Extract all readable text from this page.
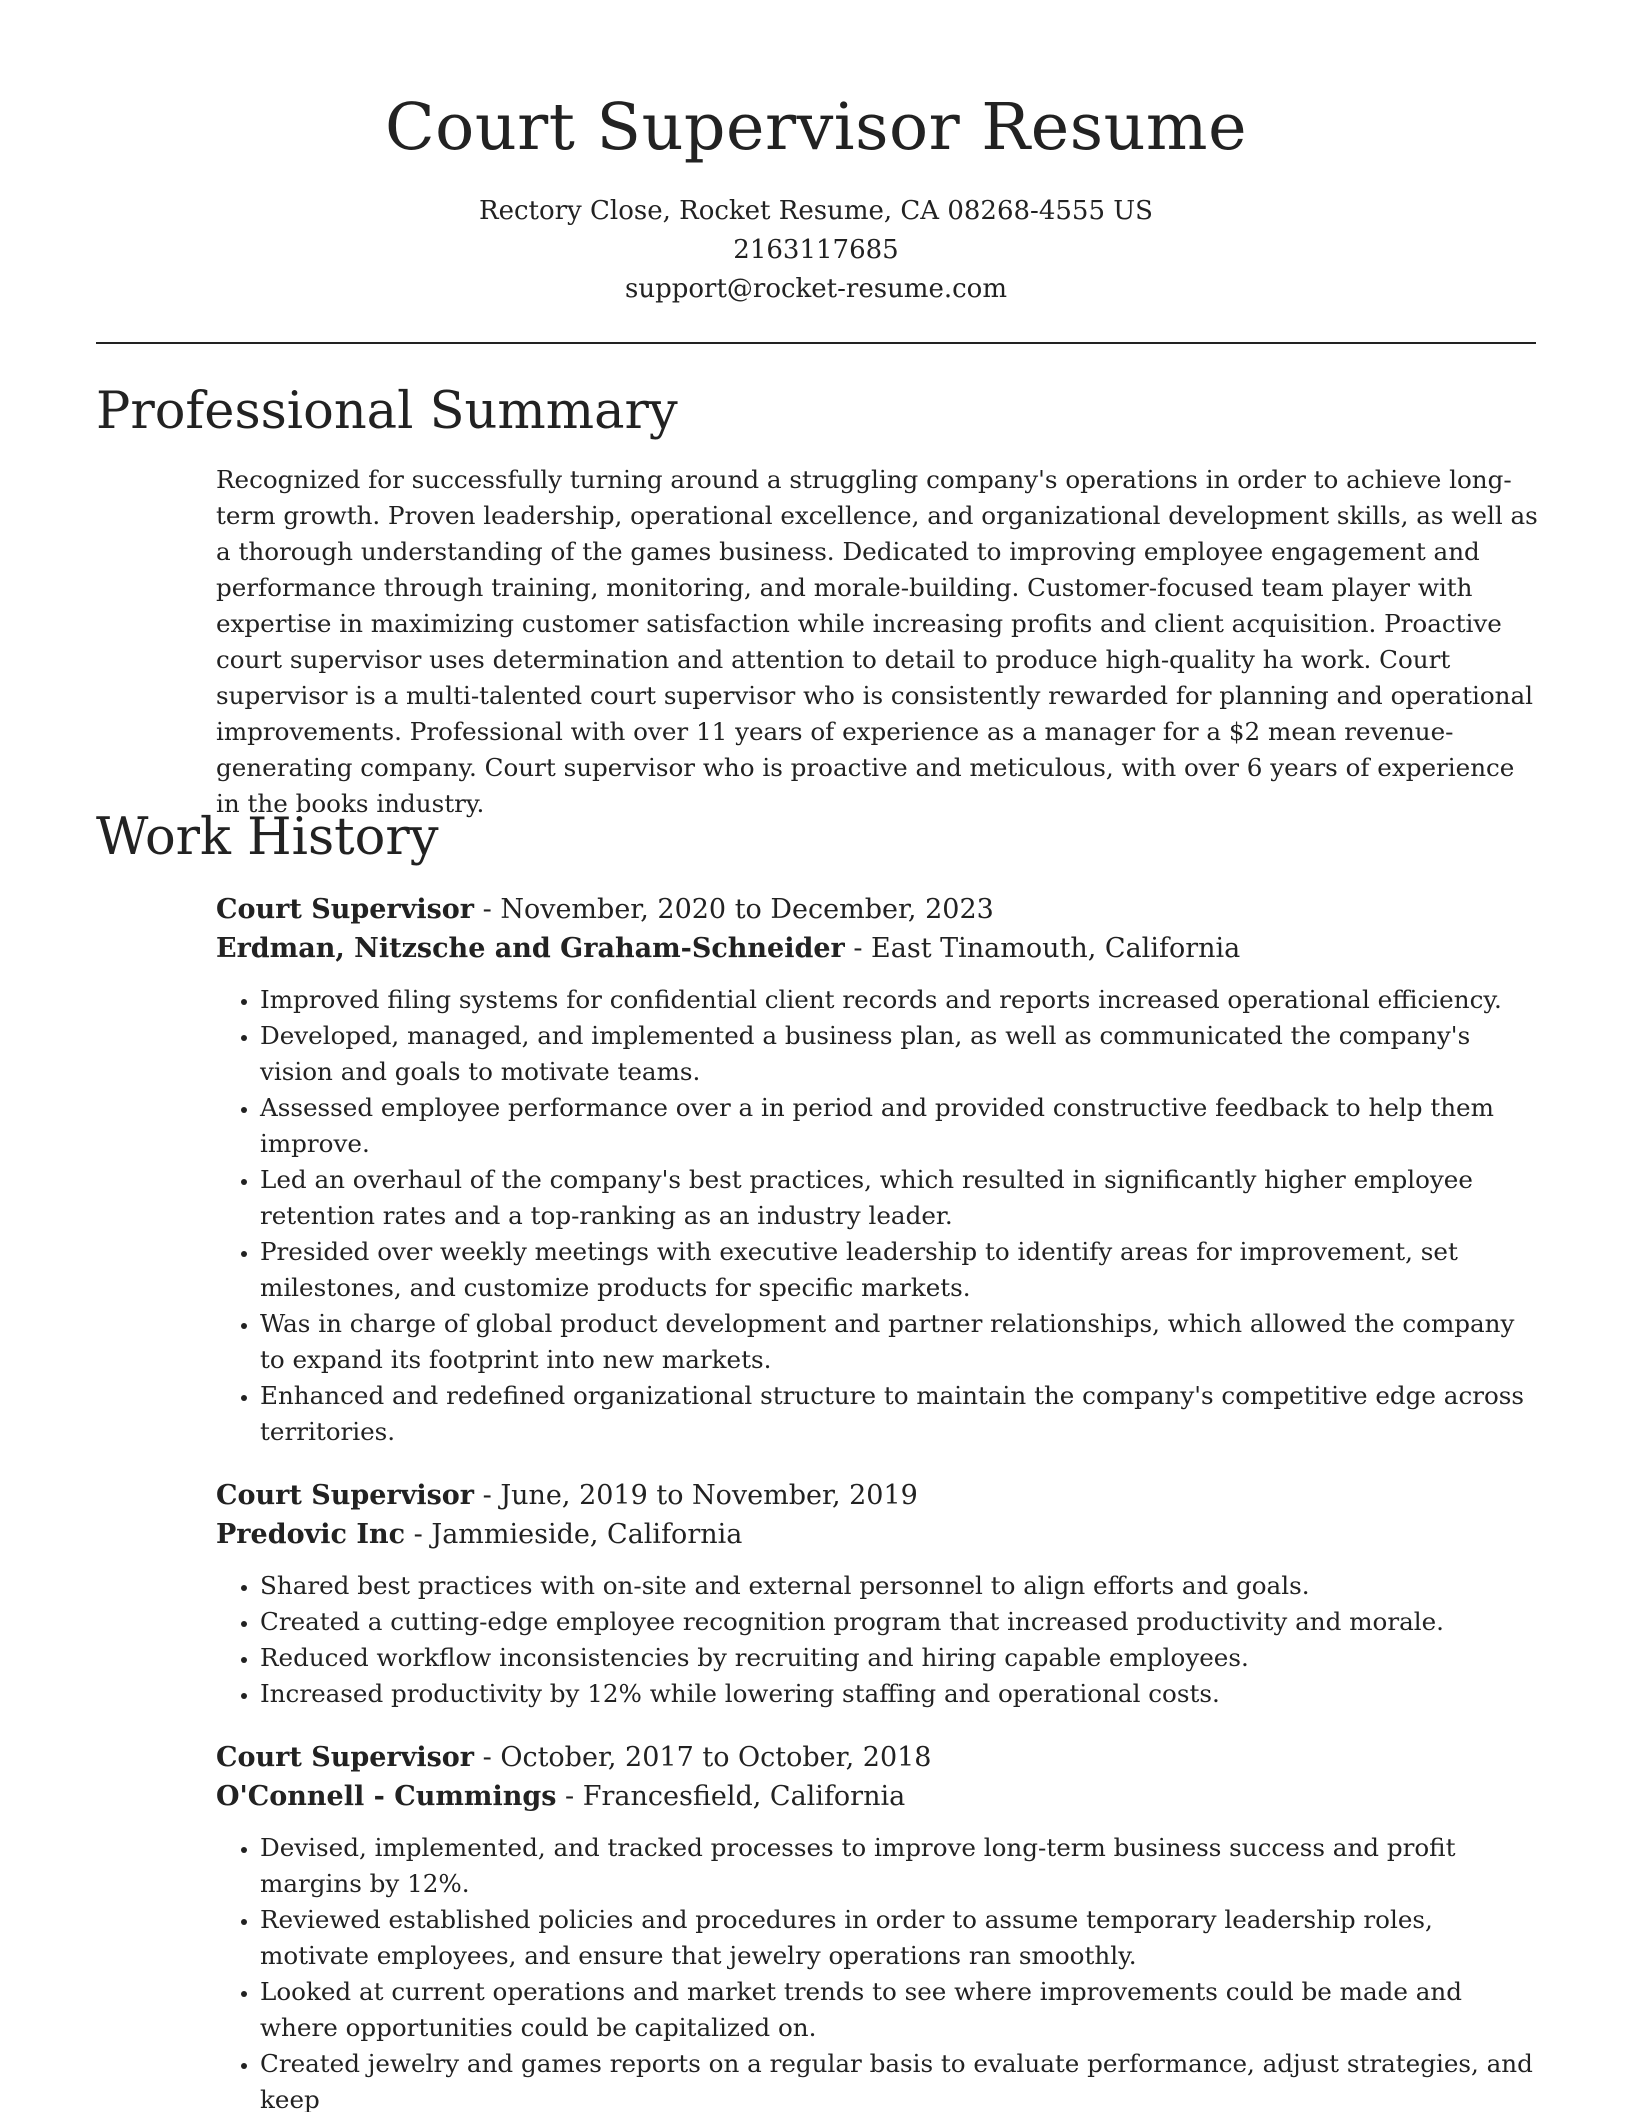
Court Supervisor Resume
Rectory Close, Rocket Resume, CA 08268-4555 US
2163117685
support@rocket-resume.com
Professional Summary

Recognized for successfully turning around a struggling company's operations in order to achieve long-term growth. Proven leadership, operational excellence, and organizational development skills, as well as a thorough understanding of the games business. Dedicated to improving employee engagement and performance through training, monitoring, and morale-building. Customer-focused team player with expertise in maximizing customer satisfaction while increasing profits and client acquisition. Proactive court supervisor uses determination and attention to detail to produce high-quality ha work. Court supervisor is a multi-talented court supervisor who is consistently rewarded for planning and operational improvements. Professional with over 11 years of experience as a manager for a $2 mean revenue-generating company. Court supervisor who is proactive and meticulous, with over 6 years of experience in the books industry.

Work History
Court Supervisor - November, 2020 to December, 2023
Erdman, Nitzsche and Graham-Schneider - East Tinamouth, California
• Improved filing systems for confidential client records and reports increased operational efficiency.
• Developed, managed, and implemented a business plan, as well as communicated the company's vision and goals to motivate teams.
• Assessed employee performance over a in period and provided constructive feedback to help them improve.
• Led an overhaul of the company's best practices, which resulted in significantly higher employee retention rates and a top-ranking as an industry leader.
• Presided over weekly meetings with executive leadership to identify areas for improvement, set milestones, and customize products for specific markets.
• Was in charge of global product development and partner relationships, which allowed the company to expand its footprint into new markets.
• Enhanced and redefined organizational structure to maintain the company's competitive edge across territories.
Court Supervisor - June, 2019 to November, 2019
Predovic Inc - Jammieside, California
• Shared best practices with on-site and external personnel to align efforts and goals.
• Created a cutting-edge employee recognition program that increased productivity and morale.
• Reduced workflow inconsistencies by recruiting and hiring capable employees.
• Increased productivity by 12% while lowering staffing and operational costs.
Court Supervisor - October, 2017 to October, 2018
O'Connell - Cummings - Francesfield, California
• Devised, implemented, and tracked processes to improve long-term business success and profit margins by 12%.
• Reviewed established policies and procedures in order to assume temporary leadership roles, motivate employees, and ensure that jewelry operations ran smoothly.
• Looked at current operations and market trends to see where improvements could be made and where opportunities could be capitalized on.
• Created jewelry and games reports on a regular basis to evaluate performance, adjust strategies, and keep
